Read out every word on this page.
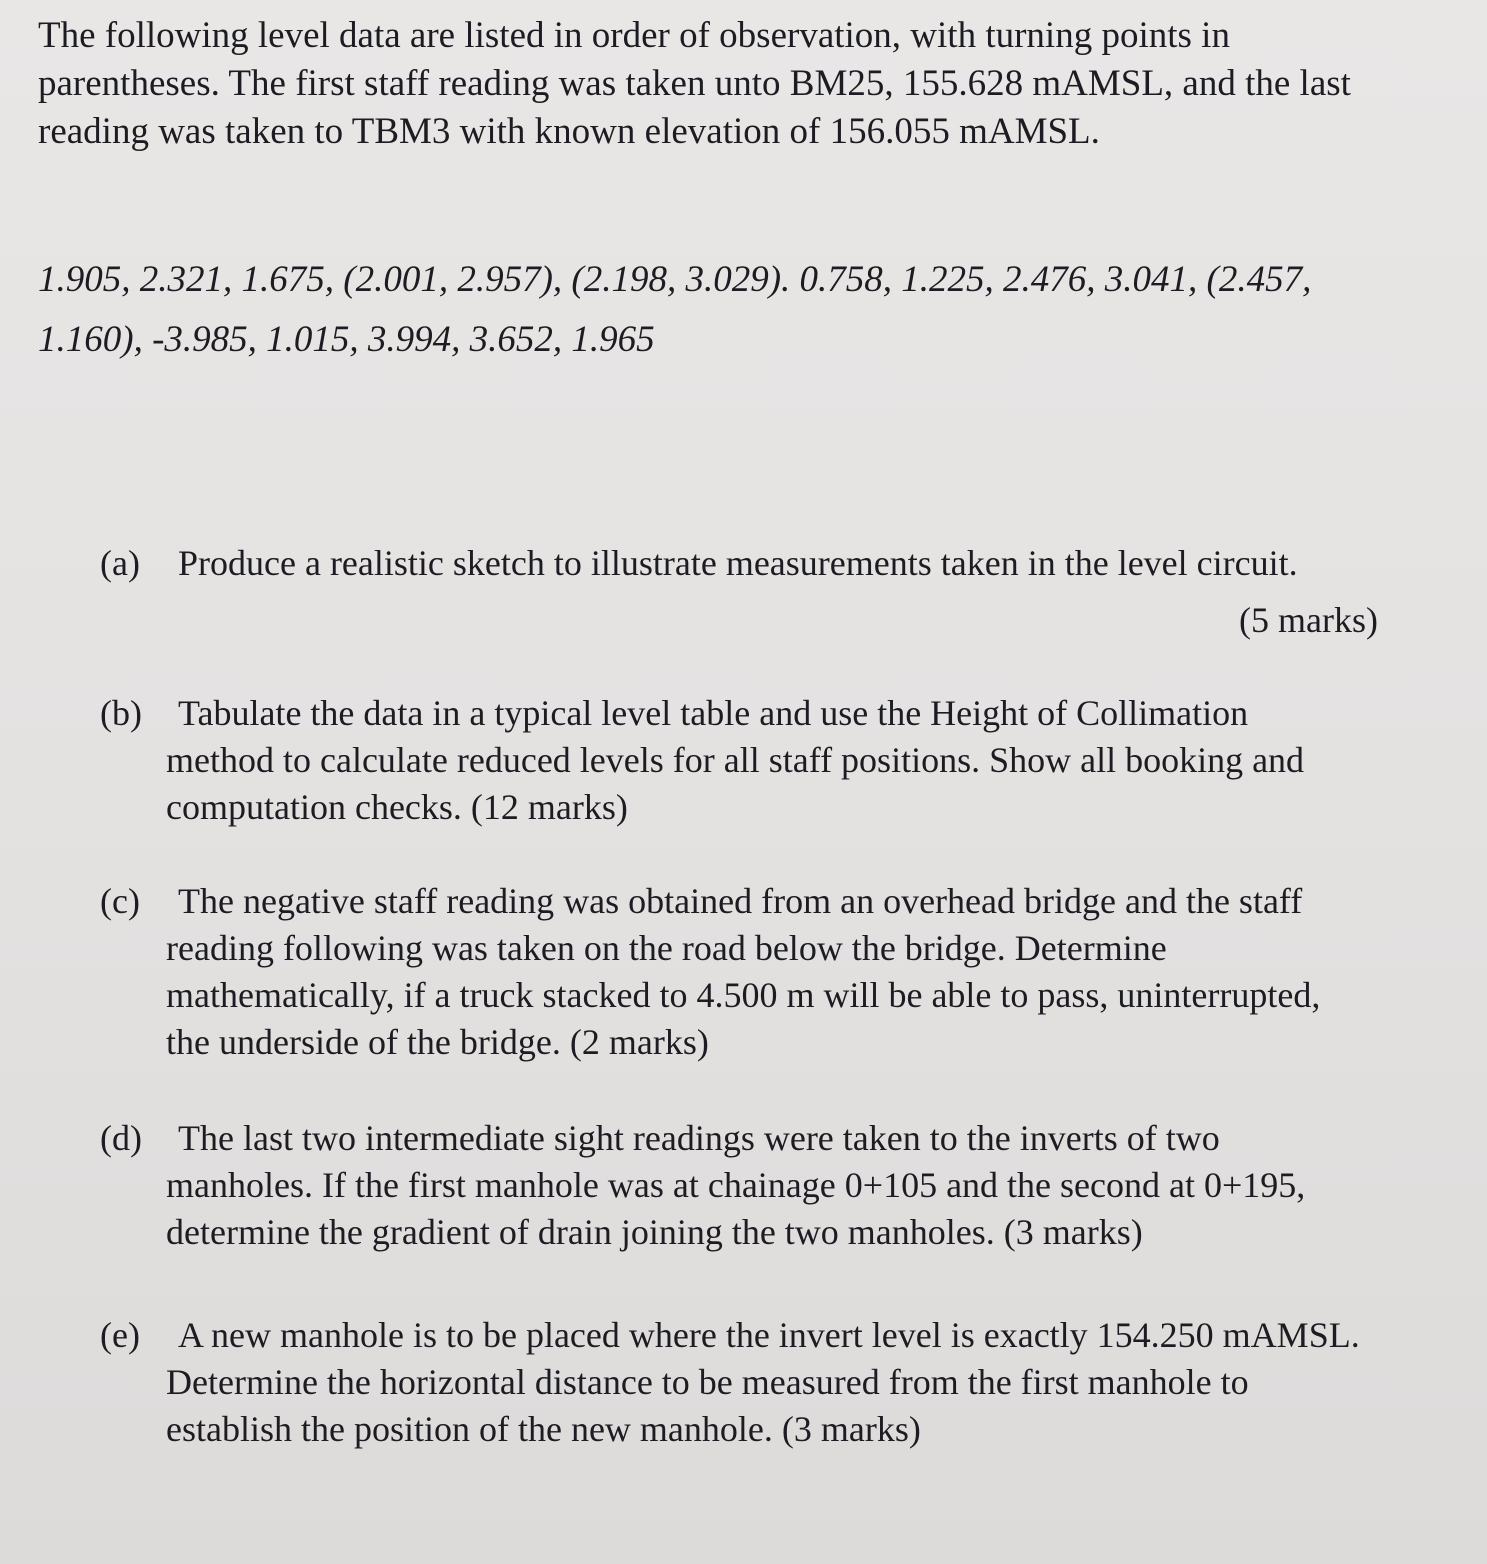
The following level data are listed in order of observation, with turning points in
parentheses. The first staff reading was taken unto BM25, 155.628 mAMSL, and the last
reading was taken to TBM3 with known elevation of 156.055 mAMSL.
1.905, 2.321, 1.675, (2.001, 2.957), (2.198, 3.029). 0.758, 1.225, 2.476, 3.041, (2.457,
1.160), -3.985, 1.015, 3.994, 3.652, 1.965
(a) Produce a realistic sketch to illustrate measurements taken in the level circuit.
(5 marks)
(b) Tabulate the data in a typical level table and use the Height of Collimation
method to calculate reduced levels for all staff positions. Show all booking and
computation checks. (12 marks)
(c) The negative staff reading was obtained from an overhead bridge and the staff
reading following was taken on the road below the bridge. Determine
mathematically, if a truck stacked to 4.500 m will be able to pass, uninterrupted,
the underside of the bridge. (2 marks)
(d) The last two intermediate sight readings were taken to the inverts of two
manholes. If the first manhole was at chainage 0+105 and the second at 0+195,
determine the gradient of drain joining the two manholes. (3 marks)
(e) A new manhole is to be placed where the invert level is exactly 154.250 mAMSL.
Determine the horizontal distance to be measured from the first manhole to
establish the position of the new manhole. (3 marks)
